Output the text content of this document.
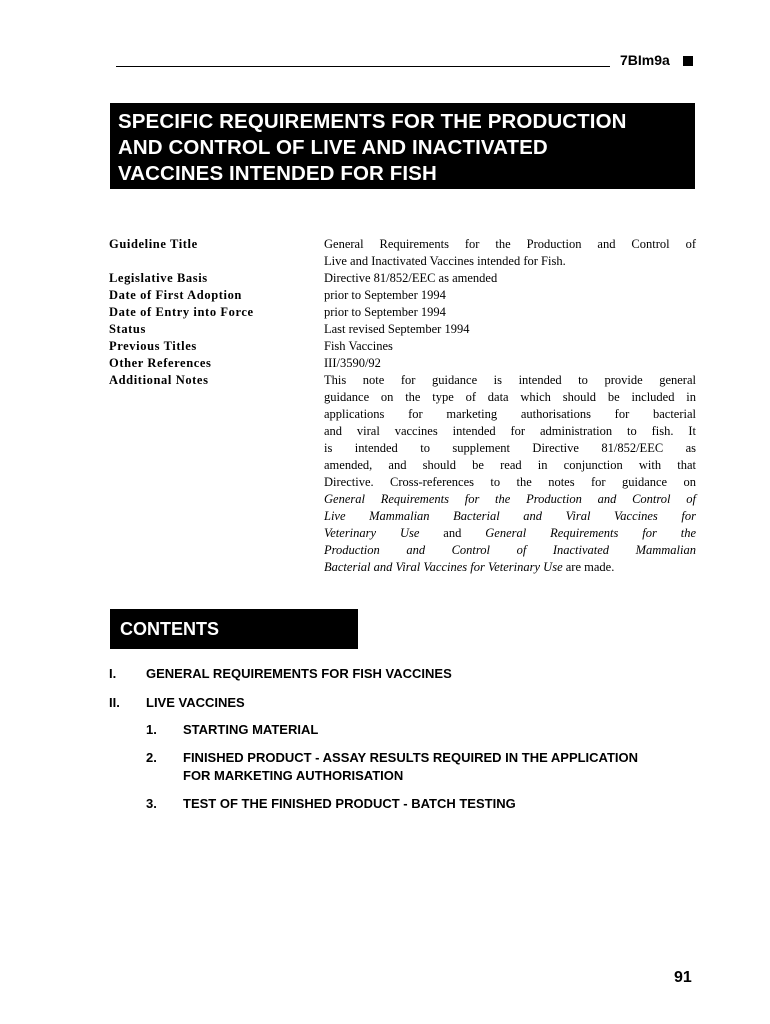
7BIm9a
SPECIFIC REQUIREMENTS FOR THE PRODUCTION
AND CONTROL OF LIVE AND INACTIVATED
VACCINES INTENDED FOR FISH
Guideline Title	General Requirements for the Production and Control of
Live and Inactivated Vaccines intended for Fish.
Legislative Basis	Directive 81/852/EEC as amended
Date of First Adoption	prior to September 1994
Date of Entry into Force	prior to September 1994
Status	Last revised September 1994
Previous Titles	Fish Vaccines
Other References	III/3590/92
Additional Notes	This note for guidance is intended to provide general
guidance on the type of data which should be included in
applications for marketing authorisations for bacterial
and viral vaccines intended for administration to fish. It
is intended to supplement Directive 81/852/EEC as
amended, and should be read in conjunction with that
Directive. Cross-references to the notes for guidance on
General Requirements for the Production and Control of
Live Mammalian Bacterial and Viral Vaccines for
Veterinary Use and General Requirements for the
Production and Control of Inactivated Mammalian
Bacterial and Viral Vaccines for Veterinary Use are made.
CONTENTS
I. GENERAL REQUIREMENTS FOR FISH VACCINES
II. LIVE VACCINES
1. STARTING MATERIAL
2. FINISHED PRODUCT - ASSAY RESULTS REQUIRED IN THE APPLICATION
FOR MARKETING AUTHORISATION
3. TEST OF THE FINISHED PRODUCT - BATCH TESTING
91
